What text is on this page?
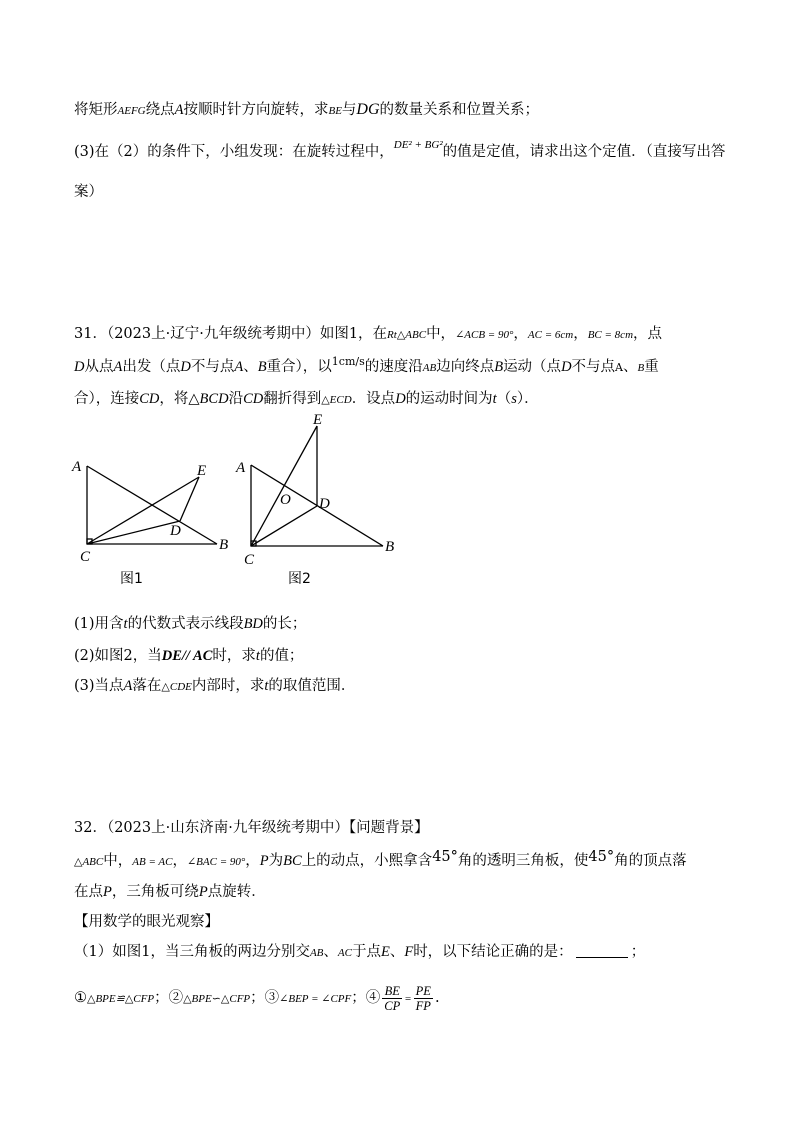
将矩形AEFG绕点A按顺时针方向旋转，求BE与DG的数量关系和位置关系；
(3)在（2）的条件下，小组发现：在旋转过程中，$^{DE^2 + BG^2}$的值是定值，请求出这个定值．（直接写出答
案）
31．（2023上·辽宁·九年级统考期中）如图1，在Rt△ABC中，∠ACB = 90°，AC = 6cm，BC = 8cm，点
D从点A出发（点D不与点A、B重合），以$^{1cm/s}$的速度沿AB边向终点B运动（点D不与点A、B重
合），连接CD，将△BCD沿CD翻折得到△ECD．设点D的运动时间为t（s）．
A	E
D
C
B
图1
E
A
O D
C
B
图2
(1)用含t的代数式表示线段BD的长；
(2)如图2，当DE// AC时，求t的值；
(3)当点A落在△CDE内部时，求t的取值范围．
32．（2023上·山东济南·九年级统考期中）【问题背景】
△ABC中，AB = AC，∠BAC = 90°，P为BC上的动点，小熙拿含45°角的透明三角板，使45°角的顶点落
在点P，三角板可绕P点旋转．
【用数学的眼光观察】
（1）如图1，当三角板的两边分别交AB、AC于点E、F时，以下结论正确的是：	；
①△BPE≌△CFP；②△BPE∽△CFP；③∠BEP = ∠CPF；④ $\frac{BE}{CP} = \frac{PE}{FP}$ .
